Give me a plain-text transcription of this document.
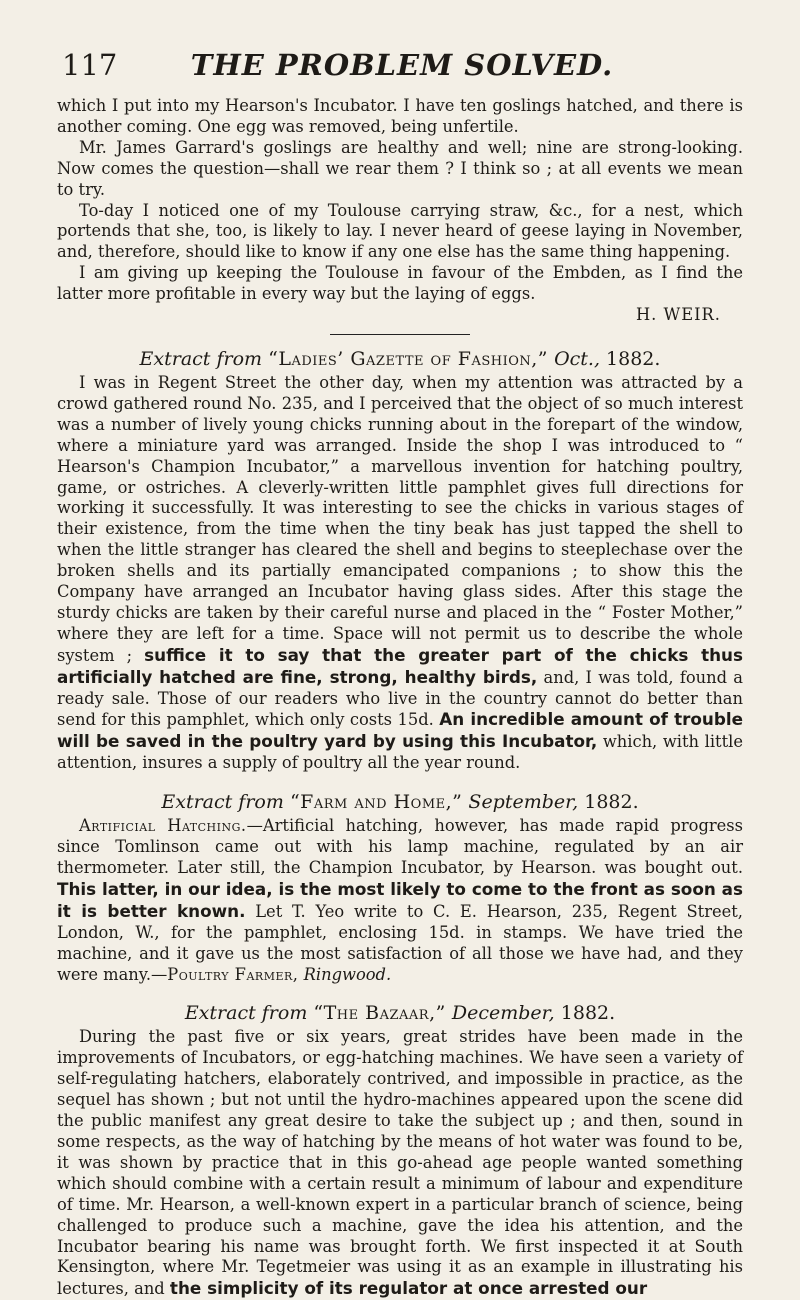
117	THE PROBLEM SOLVED.

which I put into my Hearson's Incubator. I have ten goslings hatched, and there is another coming. One egg was removed, being unfertile.

Mr. James Garrard's goslings are healthy and well; nine are strong-looking. Now comes the question—shall we rear them ? I think so ; at all events we mean to try.

To-day I noticed one of my Toulouse carrying straw, &c., for a nest, which portends that she, too, is likely to lay. I never heard of geese laying in November, and, therefore, should like to know if any one else has the same thing happening.

I am giving up keeping the Toulouse in favour of the Embden, as I find the latter more profitable in every way but the laying of eggs.

H. WEIR.
Extract from “Ladies’ Gazette of Fashion,” Oct., 1882.

I was in Regent Street the other day, when my attention was attracted by a crowd gathered round No. 235, and I perceived that the object of so much interest was a number of lively young chicks running about in the forepart of the window, where a miniature yard was arranged. Inside the shop I was introduced to “ Hearson's Champion Incubator,” a marvellous invention for hatching poultry, game, or ostriches. A cleverly-written little pamphlet gives full directions for working it successfully. It was interesting to see the chicks in various stages of their existence, from the time when the tiny beak has just tapped the shell to when the little stranger has cleared the shell and begins to steeplechase over the broken shells and its partially emancipated companions ; to show this the Company have arranged an Incubator having glass sides. After this stage the sturdy chicks are taken by their careful nurse and placed in the “ Foster Mother,” where they are left for a time. Space will not permit us to describe the whole system ; suffice it to say that the greater part of the chicks thus artificially hatched are fine, strong, healthy birds, and, I was told, found a ready sale. Those of our readers who live in the country cannot do better than send for this pamphlet, which only costs 15d. An incredible amount of trouble will be saved in the poultry yard by using this Incubator, which, with little attention, insures a supply of poultry all the year round.

Extract from “Farm and Home,” September, 1882.

Artificial Hatching.—Artificial hatching, however, has made rapid progress since Tomlinson came out with his lamp machine, regulated by an air thermometer. Later still, the Champion Incubator, by Hearson. was bought out. This latter, in our idea, is the most likely to come to the front as soon as it is better known. Let T. Yeo write to C. E. Hearson, 235, Regent Street, London, W., for the pamphlet, enclosing 15d. in stamps. We have tried the machine, and it gave us the most satisfaction of all those we have had, and they were many.—Poultry Farmer, Ringwood.

Extract from “The Bazaar,” December, 1882.

During the past five or six years, great strides have been made in the improvements of Incubators, or egg-hatching machines. We have seen a variety of self-regulating hatchers, elaborately contrived, and impossible in practice, as the sequel has shown ; but not until the hydro-machines appeared upon the scene did the public manifest any great desire to take the subject up ; and then, sound in some respects, as the way of hatching by the means of hot water was found to be, it was shown by practice that in this go-ahead age people wanted something which should combine with a certain result a minimum of labour and expenditure of time. Mr. Hearson, a well-known expert in a particular branch of science, being challenged to produce such a machine, gave the idea his attention, and the Incubator bearing his name was brought forth. We first inspected it at South Kensington, where Mr. Tegetmeier was using it as an example in illustrating his lectures, and the simplicity of its regulator at once arrested our
